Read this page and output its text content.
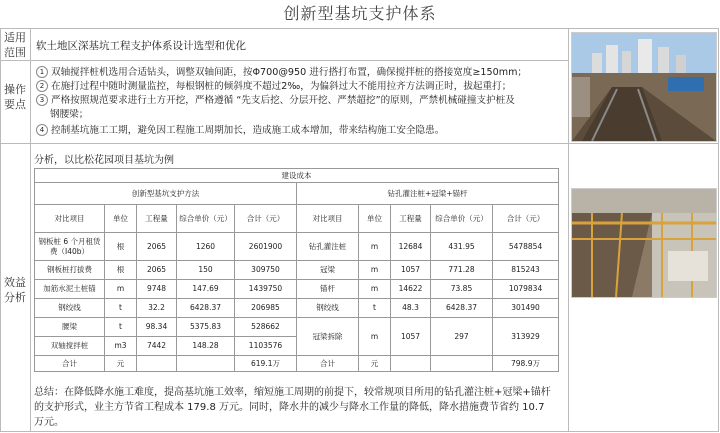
创新型基坑支护体系
适用
范围
操作
要点
效益
分析
软土地区深基坑工程支护体系设计选型和优化
1 双轴搅拌桩机选用合适钻头，调整双轴间距，按Φ700@950 进行搭打布置，确保搅拌桩的搭接宽度≥150mm；
2 在施打过程中随时测量监控，每根钢桩的倾斜度不超过2‰，为偏斜过大不能用拉齐方法调正时，拔起重打；
3 严格按照规范要求进行土方开挖，严格遵循 “先支后挖、分层开挖、严禁超挖”的原则，严禁机械碰撞支护桩及
钢腰梁；
4 控制基坑施工工期，避免因工程施工周期加长，造成施工成本增加，带来结构施工安全隐患。
分析，以比松花园项目基坑为例
建设成本									
创新型基坑支护方法					钻孔灌注桩+冠梁+锚杆				
对比项目	单位	工程量	综合单价（元）	合计（元）	对比项目	单位	工程量	综合单价（元）	合计（元）
钢板桩 6 个月租赁费（I40b）	根	2065	1260	2601900	钻孔灌注桩	m	12684	431.95	5478854
钢板桩打拔费	根	2065	150	309750	冠梁	m	1057	771.28	815243
加筋水泥土桩锚	m	9748	147.69	1439750	锚杆	m	14622	73.85	1079834
钢绞线	t	32.2	6428.37	206985	钢绞线	t	48.3	6428.37	301490
腰梁	t	98.34	5375.83	528662	冠梁拆除	m	1057	297	313929
双轴搅拌桩	m3	7442	148.28	1103576					
合计	元			619.1万	合计	元			798.9万
总结：在降低降水施工难度，提高基坑施工效率，缩短施工周期的前提下，较常规项目所用的钻孔灌注桩+冠梁+锚杆
的支护形式，业主方节省工程成本 179.8 万元。同时，降水井的减少与降水工作量的降低，降水措施费节省约 10.7
万元。
